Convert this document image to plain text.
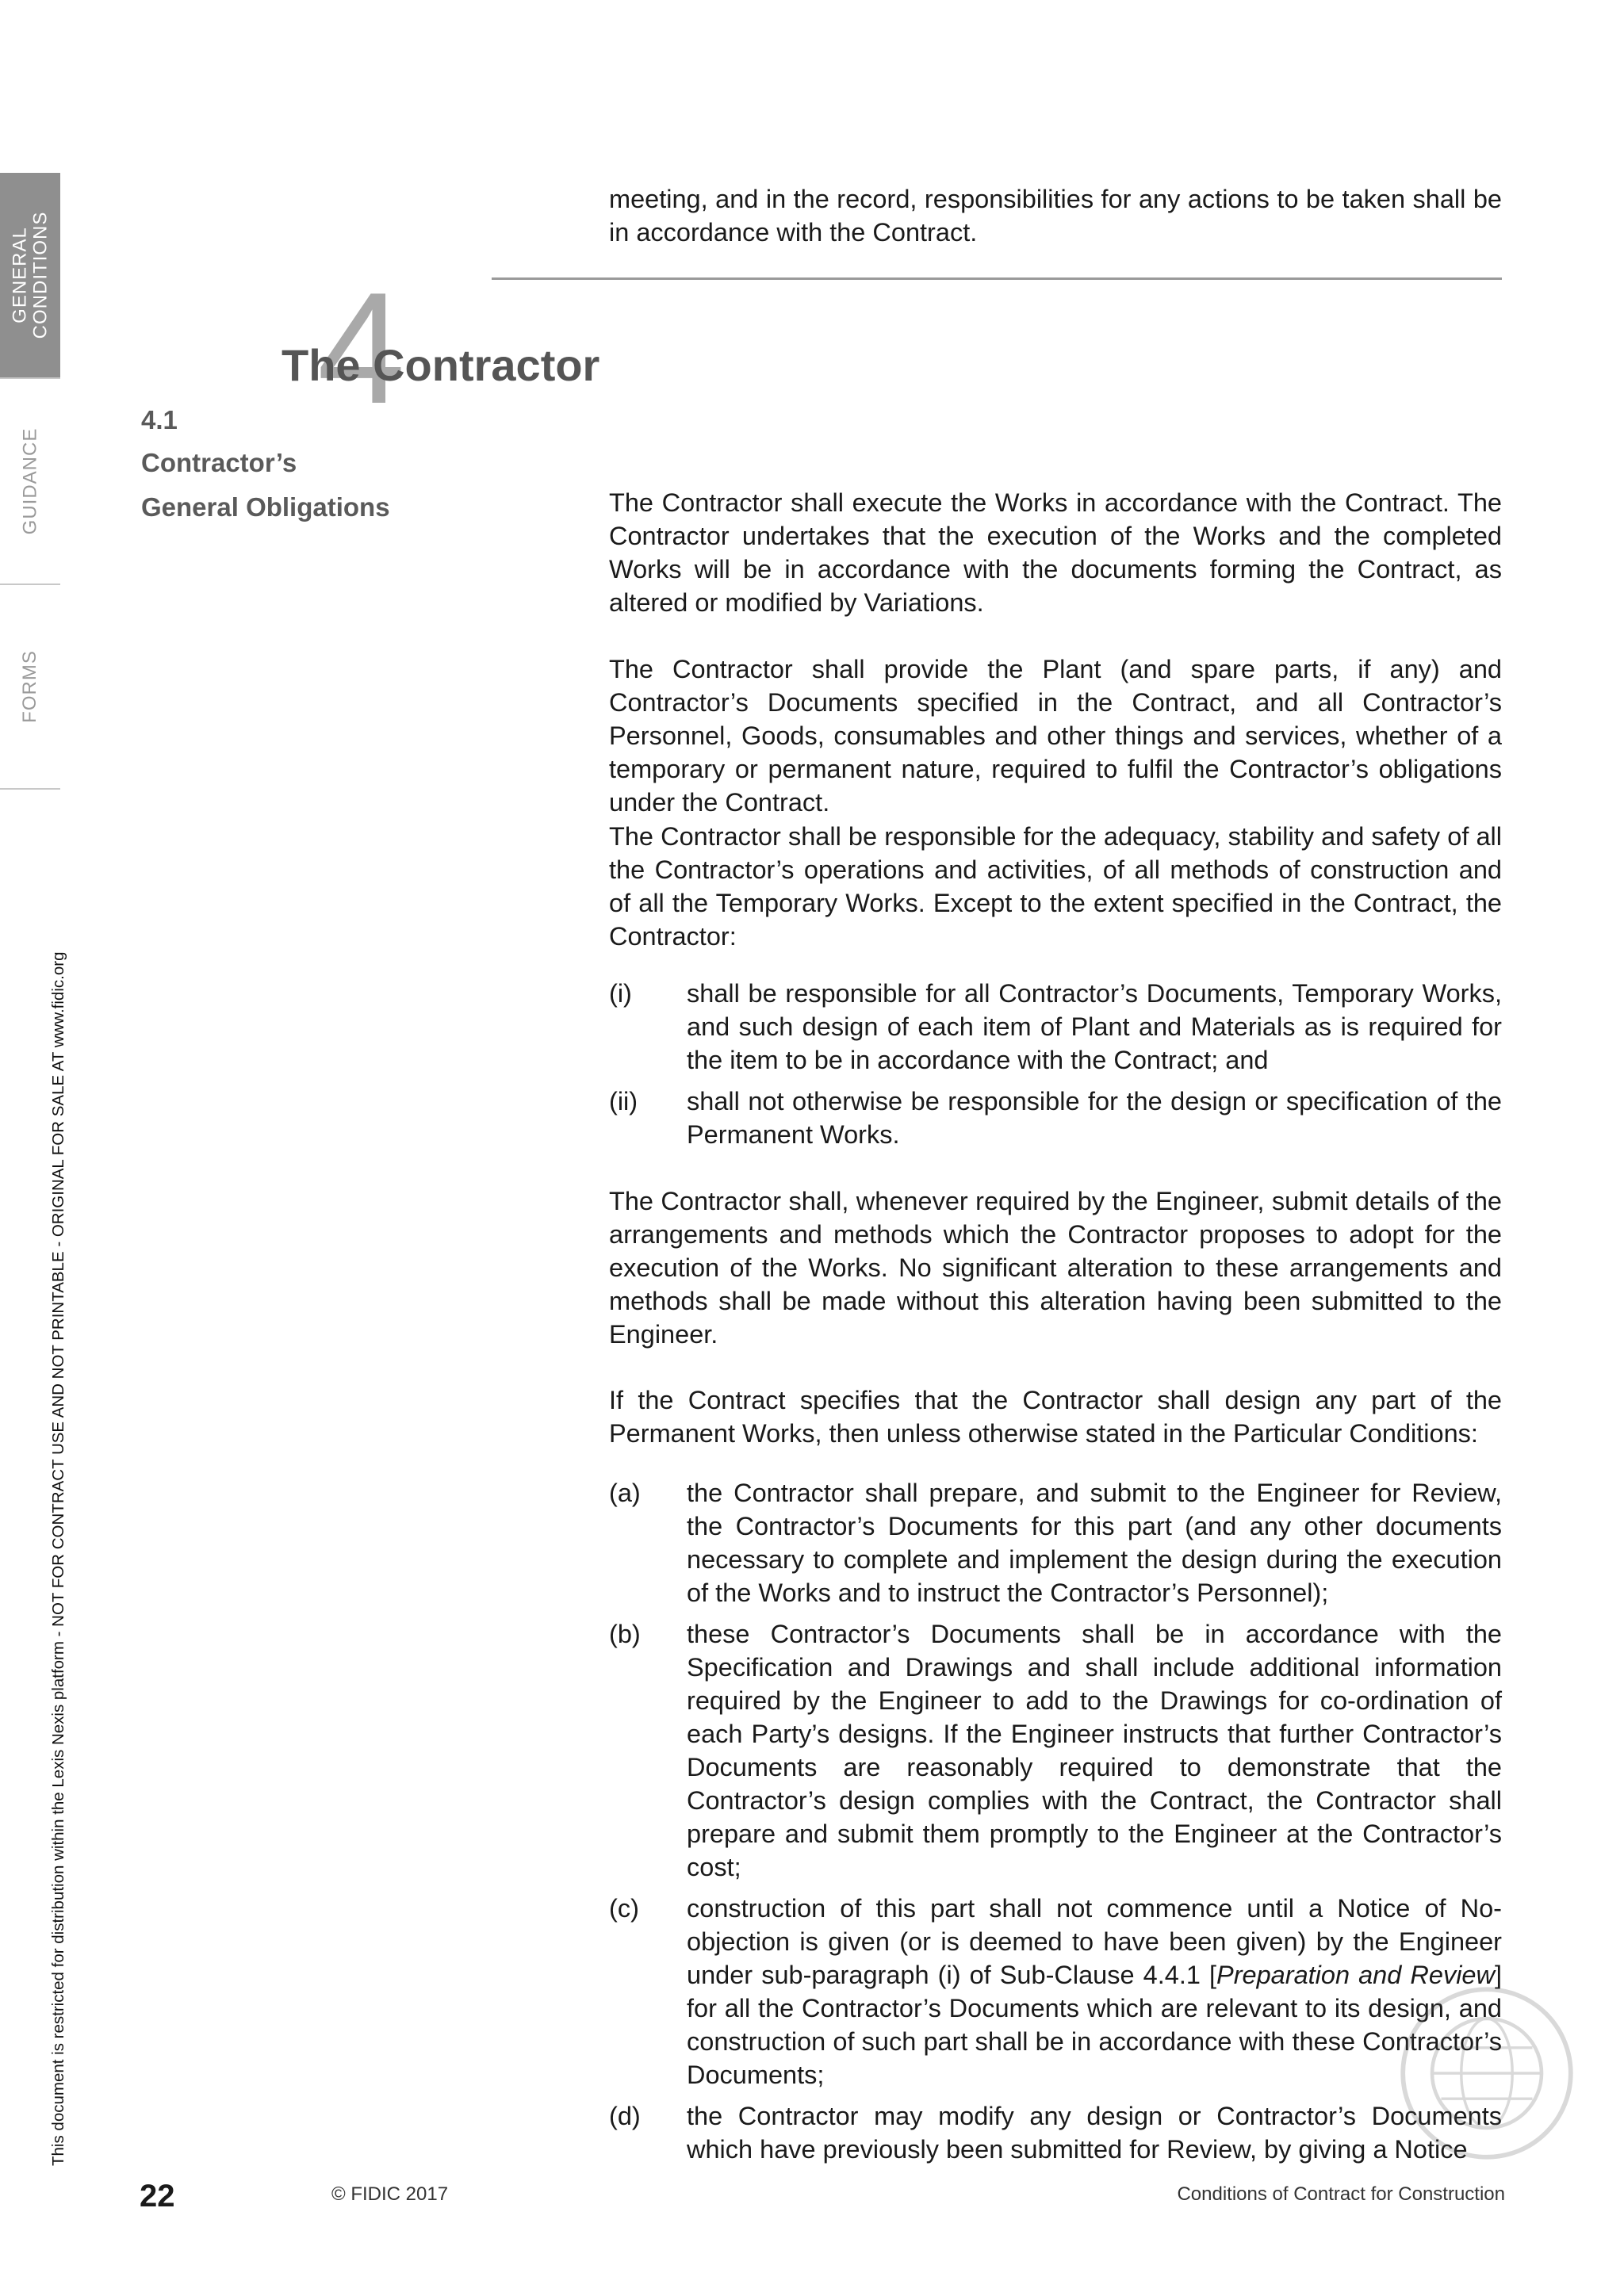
GENERAL CONDITIONS
GUIDANCE
FORMS
This document is restricted for distribution within the Lexis Nexis platform - NOT FOR CONTRACT USE AND NOT PRINTABLE - ORIGINAL FOR SALE AT www.fidic.org

meeting, and in the record, responsibilities for any actions to be taken shall be in accordance with the Contract.

4
The Contractor
4.1
Contractor’s
General Obligations	The Contractor shall execute the Works in accordance with the Contract. The Contractor undertakes that the execution of the Works and the completed Works will be in accordance with the documents forming the Contract, as altered or modified by Variations.

The Contractor shall provide the Plant (and spare parts, if any) and Contractor’s Documents specified in the Contract, and all Contractor’s Personnel, Goods, consumables and other things and services, whether of a temporary or permanent nature, required to fulfil the Contractor’s obligations under the Contract.

The Contractor shall be responsible for the adequacy, stability and safety of all the Contractor’s operations and activities, of all methods of construction and of all the Temporary Works. Except to the extent specified in the Contract, the Contractor:

(i)	shall be responsible for all Contractor’s Documents, Temporary Works, and such design of each item of Plant and Materials as is required for the item to be in accordance with the Contract; and
(ii)	shall not otherwise be responsible for the design or specification of the Permanent Works.

The Contractor shall, whenever required by the Engineer, submit details of the arrangements and methods which the Contractor proposes to adopt for the execution of the Works. No significant alteration to these arrangements and methods shall be made without this alteration having been submitted to the Engineer.

If the Contract specifies that the Contractor shall design any part of the Permanent Works, then unless otherwise stated in the Particular Conditions:

(a)	the Contractor shall prepare, and submit to the Engineer for Review, the Contractor’s Documents for this part (and any other documents necessary to complete and implement the design during the execution of the Works and to instruct the Contractor’s Personnel);
(b)	these Contractor’s Documents shall be in accordance with the Specification and Drawings and shall include additional information required by the Engineer to add to the Drawings for co-ordination of each Party’s designs. If the Engineer instructs that further Contractor’s Documents are reasonably required to demonstrate that the Contractor’s design complies with the Contract, the Contractor shall prepare and submit them promptly to the Engineer at the Contractor’s cost;
(c)	construction of this part shall not commence until a Notice of No-objection is given (or is deemed to have been given) by the Engineer under sub-paragraph (i) of Sub-Clause 4.4.1 [Preparation and Review] for all the Contractor’s Documents which are relevant to its design, and construction of such part shall be in accordance with these Contractor’s Documents;
(d)	the Contractor may modify any design or Contractor’s Documents which have previously been submitted for Review, by giving a Notice
22	© FIDIC 2017	Conditions of Contract for Construction
